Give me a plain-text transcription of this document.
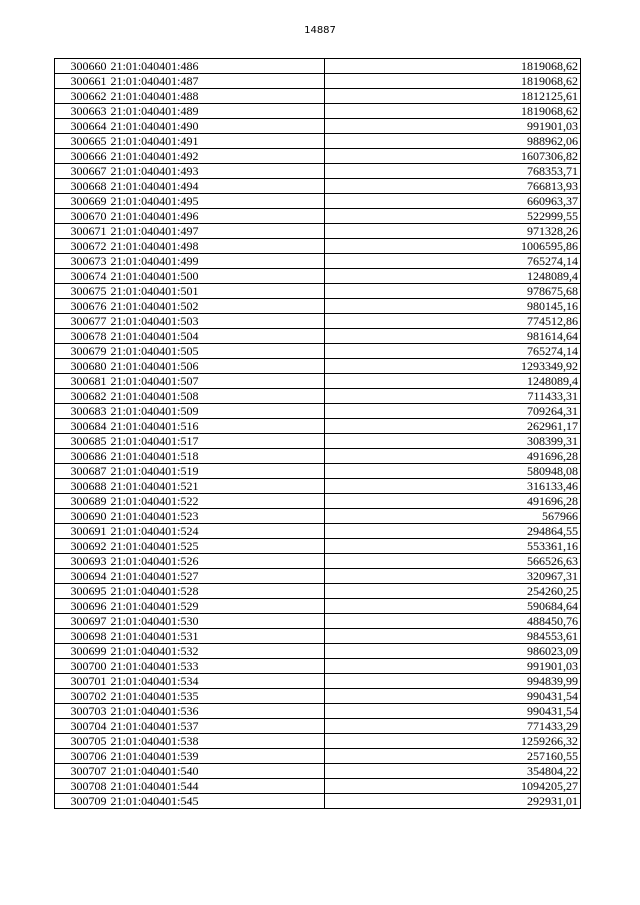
14887
300660	21:01:040401:486	1819068,62
300661	21:01:040401:487	1819068,62
300662	21:01:040401:488	1812125,61
300663	21:01:040401:489	1819068,62
300664	21:01:040401:490	991901,03
300665	21:01:040401:491	988962,06
300666	21:01:040401:492	1607306,82
300667	21:01:040401:493	768353,71
300668	21:01:040401:494	766813,93
300669	21:01:040401:495	660963,37
300670	21:01:040401:496	522999,55
300671	21:01:040401:497	971328,26
300672	21:01:040401:498	1006595,86
300673	21:01:040401:499	765274,14
300674	21:01:040401:500	1248089,4
300675	21:01:040401:501	978675,68
300676	21:01:040401:502	980145,16
300677	21:01:040401:503	774512,86
300678	21:01:040401:504	981614,64
300679	21:01:040401:505	765274,14
300680	21:01:040401:506	1293349,92
300681	21:01:040401:507	1248089,4
300682	21:01:040401:508	711433,31
300683	21:01:040401:509	709264,31
300684	21:01:040401:516	262961,17
300685	21:01:040401:517	308399,31
300686	21:01:040401:518	491696,28
300687	21:01:040401:519	580948,08
300688	21:01:040401:521	316133,46
300689	21:01:040401:522	491696,28
300690	21:01:040401:523	567966
300691	21:01:040401:524	294864,55
300692	21:01:040401:525	553361,16
300693	21:01:040401:526	566526,63
300694	21:01:040401:527	320967,31
300695	21:01:040401:528	254260,25
300696	21:01:040401:529	590684,64
300697	21:01:040401:530	488450,76
300698	21:01:040401:531	984553,61
300699	21:01:040401:532	986023,09
300700	21:01:040401:533	991901,03
300701	21:01:040401:534	994839,99
300702	21:01:040401:535	990431,54
300703	21:01:040401:536	990431,54
300704	21:01:040401:537	771433,29
300705	21:01:040401:538	1259266,32
300706	21:01:040401:539	257160,55
300707	21:01:040401:540	354804,22
300708	21:01:040401:544	1094205,27
300709	21:01:040401:545	292931,01
